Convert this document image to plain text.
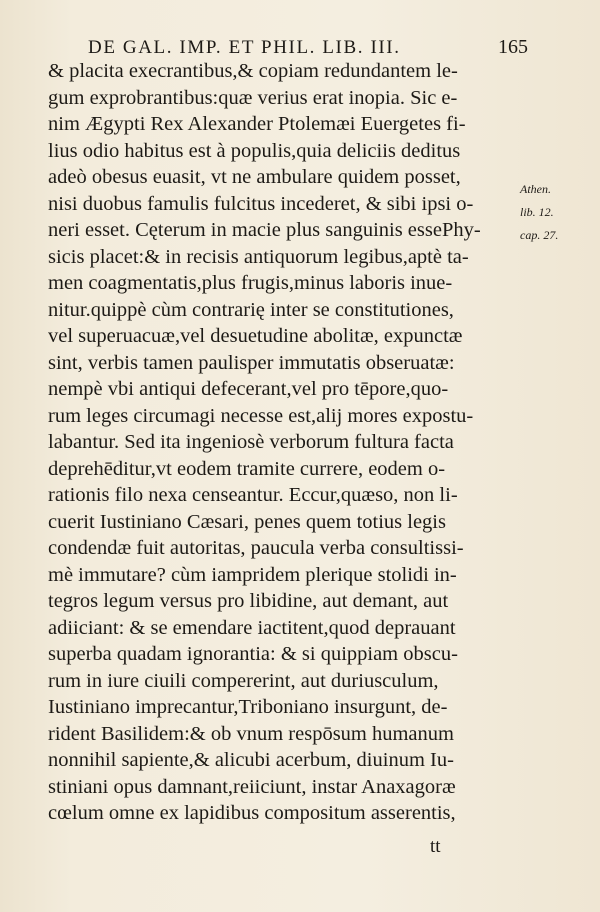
DE GAL. IMP. ET PHIL. LIB. III.	165
& placita execrantibus,& copiam redundantem le-
gum exprobrantibus:quæ verius erat inopia. Sic e-
nim Ægypti Rex Alexander Ptolemæi Euergetes fi-
lius odio habitus est à populis,quia deliciis deditus
adeò obesus euasit, vt ne ambulare quidem posset,
nisi duobus famulis fulcitus incederet, & sibi ipsi o-
neri esset. Cęterum in macie plus sanguinis essePhy-
sicis placet:& in recisis antiquorum legibus,aptè ta-
men coagmentatis,plus frugis,minus laboris inue-
nitur.quippè cùm contrarię inter se constitutiones,
vel superuacuæ,vel desuetudine abolitæ, expunctæ
sint, verbis tamen paulisper immutatis obseruatæ:
nempè vbi antiqui defecerant,vel pro tēpore,quo-
rum leges circumagi necesse est,alij mores expostu-
labantur. Sed ita ingeniosè verborum fultura facta
deprehēditur,vt eodem tramite currere, eodem o-
rationis filo nexa censeantur. Eccur,quæso, non li-
cuerit Iustiniano Cæsari, penes quem totius legis
condendæ fuit autoritas, paucula verba consultissi-
mè immutare? cùm iampridem plerique stolidi in-
tegros legum versus pro libidine, aut demant, aut
adiiciant: & se emendare iactitent,quod deprauant
superba quadam ignorantia: & si quippiam obscu-
rum in iure ciuili compererint, aut duriusculum,
Iustiniano imprecantur,Triboniano insurgunt, de-
rident Basilidem:& ob vnum respōsum humanum
nonnihil sapiente,& alicubi acerbum, diuinum Iu-
stiniani opus damnant,reiiciunt, instar Anaxagoræ
cœlum omne ex lapidibus compositum asserentis,
Athen.
lib. 12.
cap. 27.
tt
